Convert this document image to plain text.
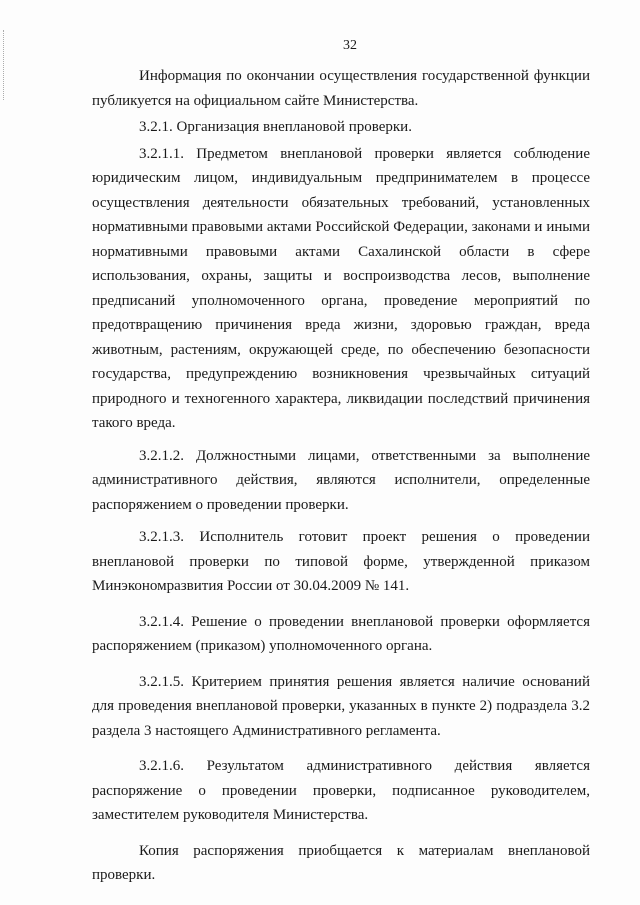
32

Информация по окончании осуществления государственной функции публикуется на официальном сайте Министерства.

3.2.1. Организация внеплановой проверки.

3.2.1.1. Предметом внеплановой проверки является соблюдение юридическим лицом, индивидуальным предпринимателем в процессе осуществления деятельности обязательных требований, установленных нормативными правовыми актами Российской Федерации, законами и иными нормативными правовыми актами Сахалинской области в сфере использования, охраны, защиты и воспроизводства лесов, выполнение предписаний уполномоченного органа, проведение мероприятий по предотвращению причинения вреда жизни, здоровью граждан, вреда животным, растениям, окружающей среде, по обеспечению безопасности государства, предупреждению возникновения чрезвычайных ситуаций природного и техногенного характера, ликвидации последствий причинения такого вреда.

3.2.1.2. Должностными лицами, ответственными за выполнение административного действия, являются исполнители, определенные распоряжением о проведении проверки.

3.2.1.3. Исполнитель готовит проект решения о проведении внеплановой проверки по типовой форме, утвержденной приказом Минэкономразвития России от 30.04.2009 № 141.

3.2.1.4. Решение о проведении внеплановой проверки оформляется распоряжением (приказом) уполномоченного органа.

3.2.1.5. Критерием принятия решения является наличие оснований для проведения внеплановой проверки, указанных в пункте 2) подраздела 3.2 раздела 3 настоящего Административного регламента.

3.2.1.6. Результатом административного действия является распоряжение о проведении проверки, подписанное руководителем, заместителем руководителя Министерства.

Копия распоряжения приобщается к материалам внеплановой проверки.
